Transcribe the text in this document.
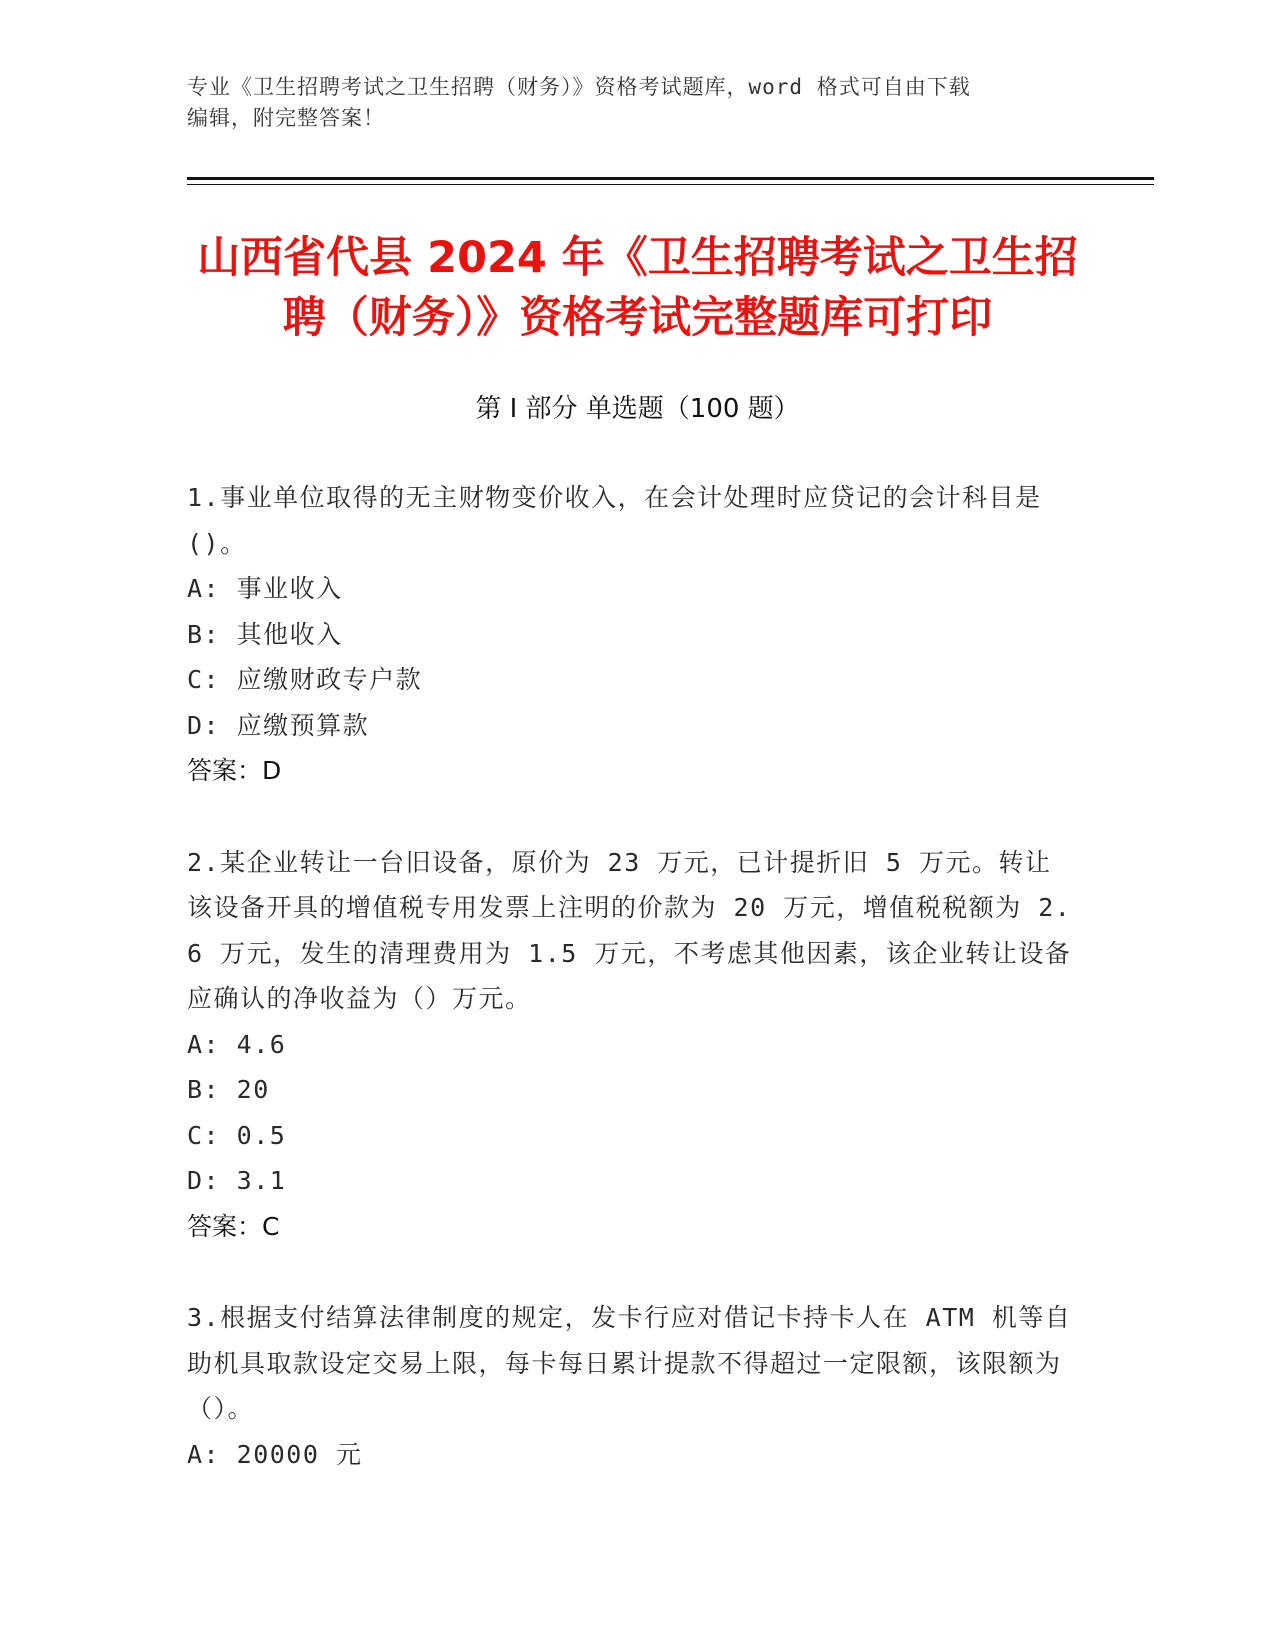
专业《卫生招聘考试之卫生招聘（财务）》资格考试题库，word 格式可自由下载
编辑，附完整答案！
山西省代县 2024 年《卫生招聘考试之卫生招
聘（财务）》资格考试完整题库可打印
第 I 部分 单选题（100 题）
1.事业单位取得的无主财物变价收入，在会计处理时应贷记的会计科目是()。
A: 事业收入
B: 其他收入
C: 应缴财政专户款
D: 应缴预算款
答案：D
2.某企业转让一台旧设备，原价为 23 万元，已计提折旧 5 万元。转让该设备开具的增值税专用发票上注明的价款为 20 万元，增值税税额为 2.6 万元，发生的清理费用为 1.5 万元，不考虑其他因素，该企业转让设备应确认的净收益为（）万元。
A: 4.6
B: 20
C: 0.5
D: 3.1
答案：C
3.根据支付结算法律制度的规定，发卡行应对借记卡持卡人在 ATM 机等自助机具取款设定交易上限，每卡每日累计提款不得超过一定限额，该限额为（）。
A: 20000 元
